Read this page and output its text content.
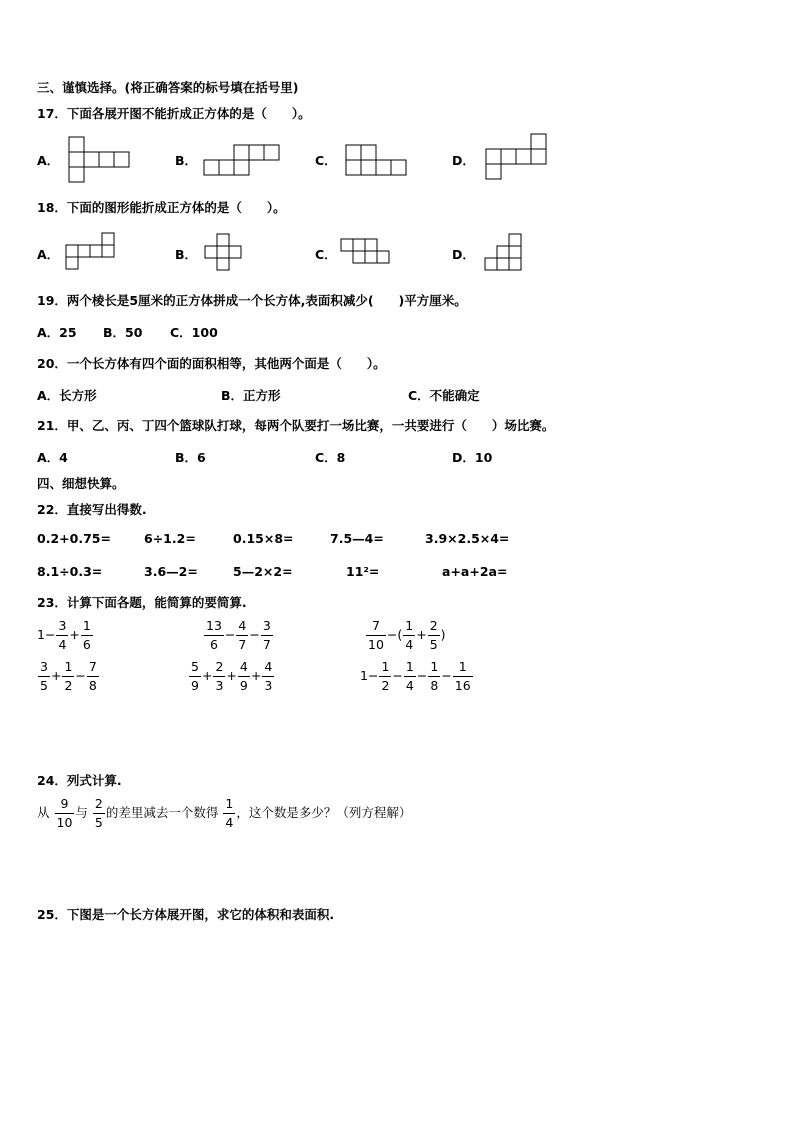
三、谨慎选择。(将正确答案的标号填在括号里)
17．下面各展开图不能折成正方体的是（　　）。
A．	B．	C．	D．
18．下面的图形能折成正方体的是（　　）。
A．	B．	C．	D．
19．两个棱长是5厘米的正方体拼成一个长方体,表面积减少(　　)平方厘米。
A．25 B．50 C．100
20．一个长方体有四个面的面积相等，其他两个面是（　　）。
A．长方形	B．正方形	C．不能确定
21．甲、乙、丙、丁四个篮球队打球，每两个队要打一场比赛，一共要进行（　　）场比赛。
A．4	B．6	C．8	D．10
四、细想快算。
22．直接写出得数.
0.2+0.75=	6÷1.2=	0.15×8=	7.5—4=	3.9×2.5×4=
8.1÷0.3=	3.6—2=	5—2×2=	11²=	a+a+2a=
23．计算下面各题，能简算的要简算.
$1- \frac{3}{4} + \frac{1}{6}$	$\frac{13}{6} - \frac{4}{7} - \frac{3}{7}$	$\frac{7}{10}$ −( $\frac{1}{4} + \frac{2}{5}$ )
$\frac{3}{5} + \frac{1}{2} - \frac{7}{8}$	$\frac{5}{9} + \frac{2}{3} + \frac{4}{9} + \frac{4}{3}$	$1- \frac{1}{2} - \frac{1}{4} - \frac{1}{8} - \frac{1}{16}$
24．列式计算.
从 $\frac{9}{10}$ 与 $\frac{2}{5}$ 的差里减去一个数得 $\frac{1}{4}$ ，这个数是多少？（列方程解）
25．下图是一个长方体展开图，求它的体积和表面积.
